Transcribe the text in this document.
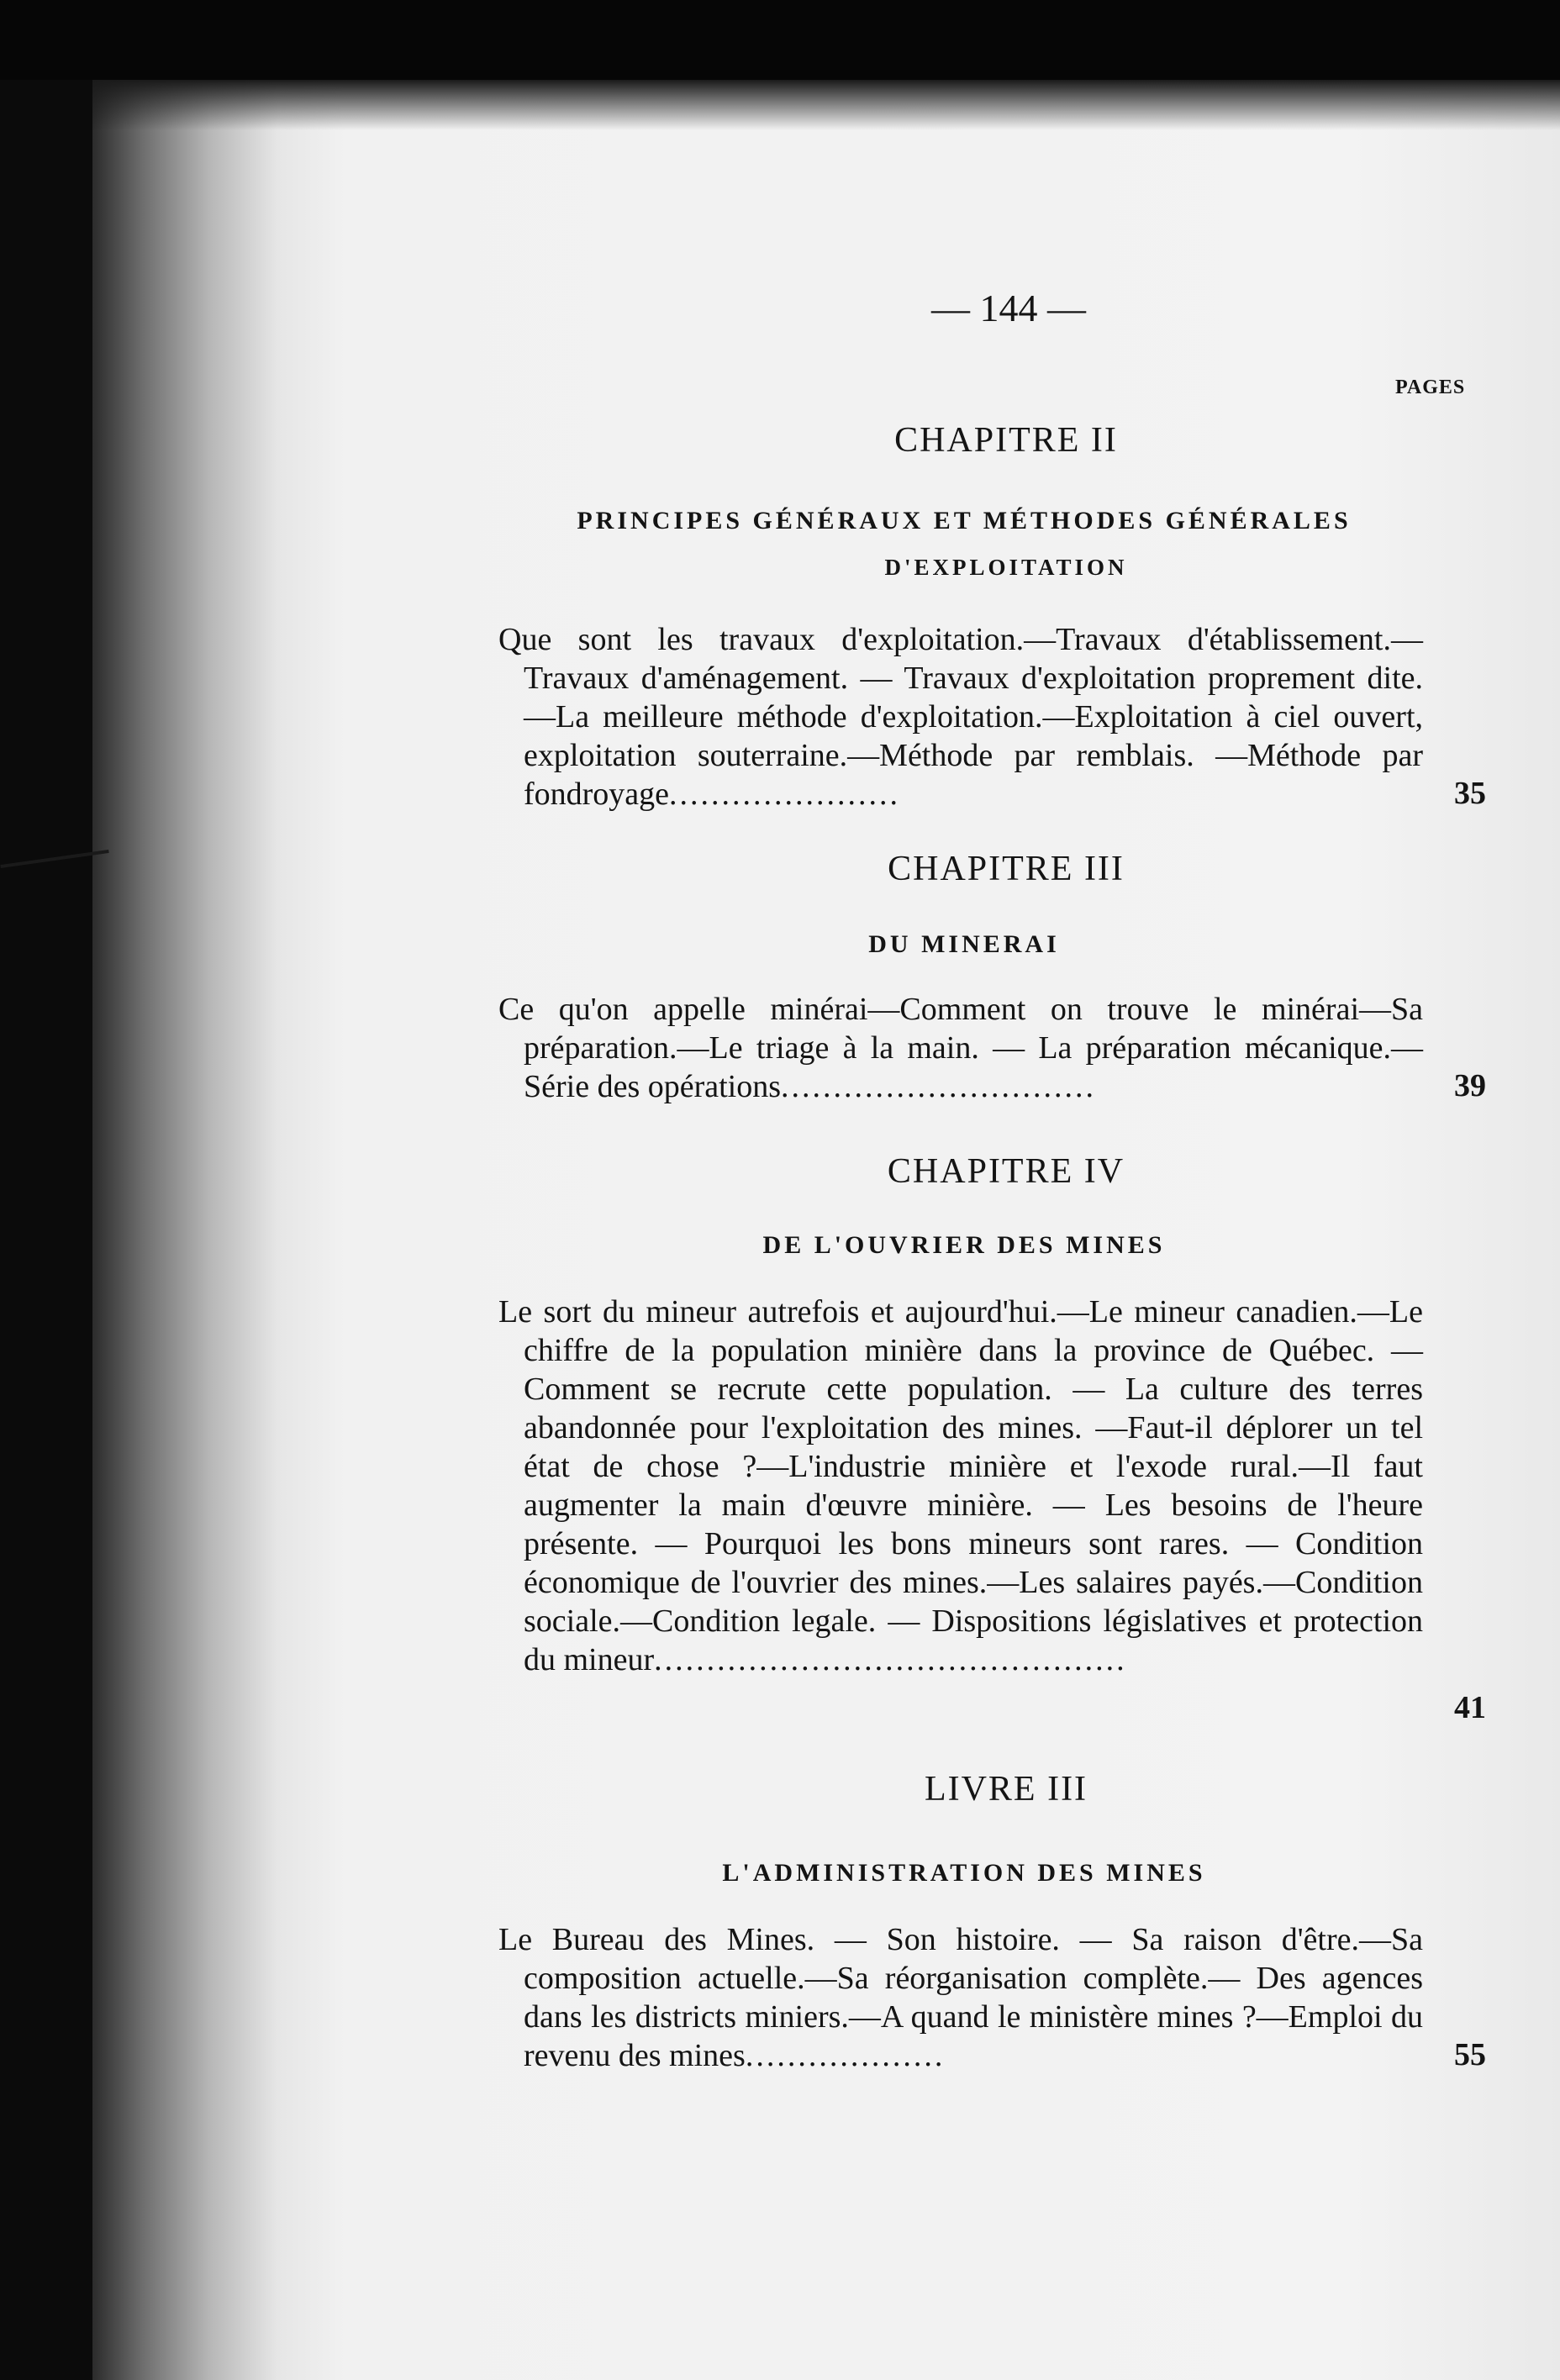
— 144 —
PAGES
CHAPITRE II
PRINCIPES GÉNÉRAUX ET MÉTHODES GÉNÉRALES
D'EXPLOITATION
Que sont les travaux d'exploitation.—Travaux d'établissement.— Travaux d'aménagement. — Travaux d'exploitation proprement dite.—La meilleure méthode d'exploitation.—Exploitation à ciel ouvert, exploitation souterraine.—Méthode par remblais. —Méthode par fondroyage......................	35
CHAPITRE III
DU MINERAI
Ce qu'on appelle minérai—Comment on trouve le minérai—Sa préparation.—Le triage à la main. — La préparation mécanique.—Série des opérations..............................	39
CHAPITRE IV
DE L'OUVRIER DES MINES
Le sort du mineur autrefois et aujourd'hui.—Le mineur canadien.—Le chiffre de la population minière dans la province de Québec. — Comment se recrute cette population. — La culture des terres abandonnée pour l'exploitation des mines. —Faut-il déplorer un tel état de chose ?—L'industrie minière et l'exode rural.—Il faut augmenter la main d'œuvre minière. — Les besoins de l'heure présente. — Pourquoi les bons mineurs sont rares. — Condition économique de l'ouvrier des mines.—Les salaires payés.—Condition sociale.—Condition legale. — Dispositions législatives et protection du mineur.............................................
41
LIVRE III
L'ADMINISTRATION DES MINES
Le Bureau des Mines. — Son histoire. — Sa raison d'être.—Sa composition actuelle.—Sa réorganisation complète.— Des agences dans les districts miniers.—A quand le ministère mines ?—Emploi du revenu des mines...................	55
